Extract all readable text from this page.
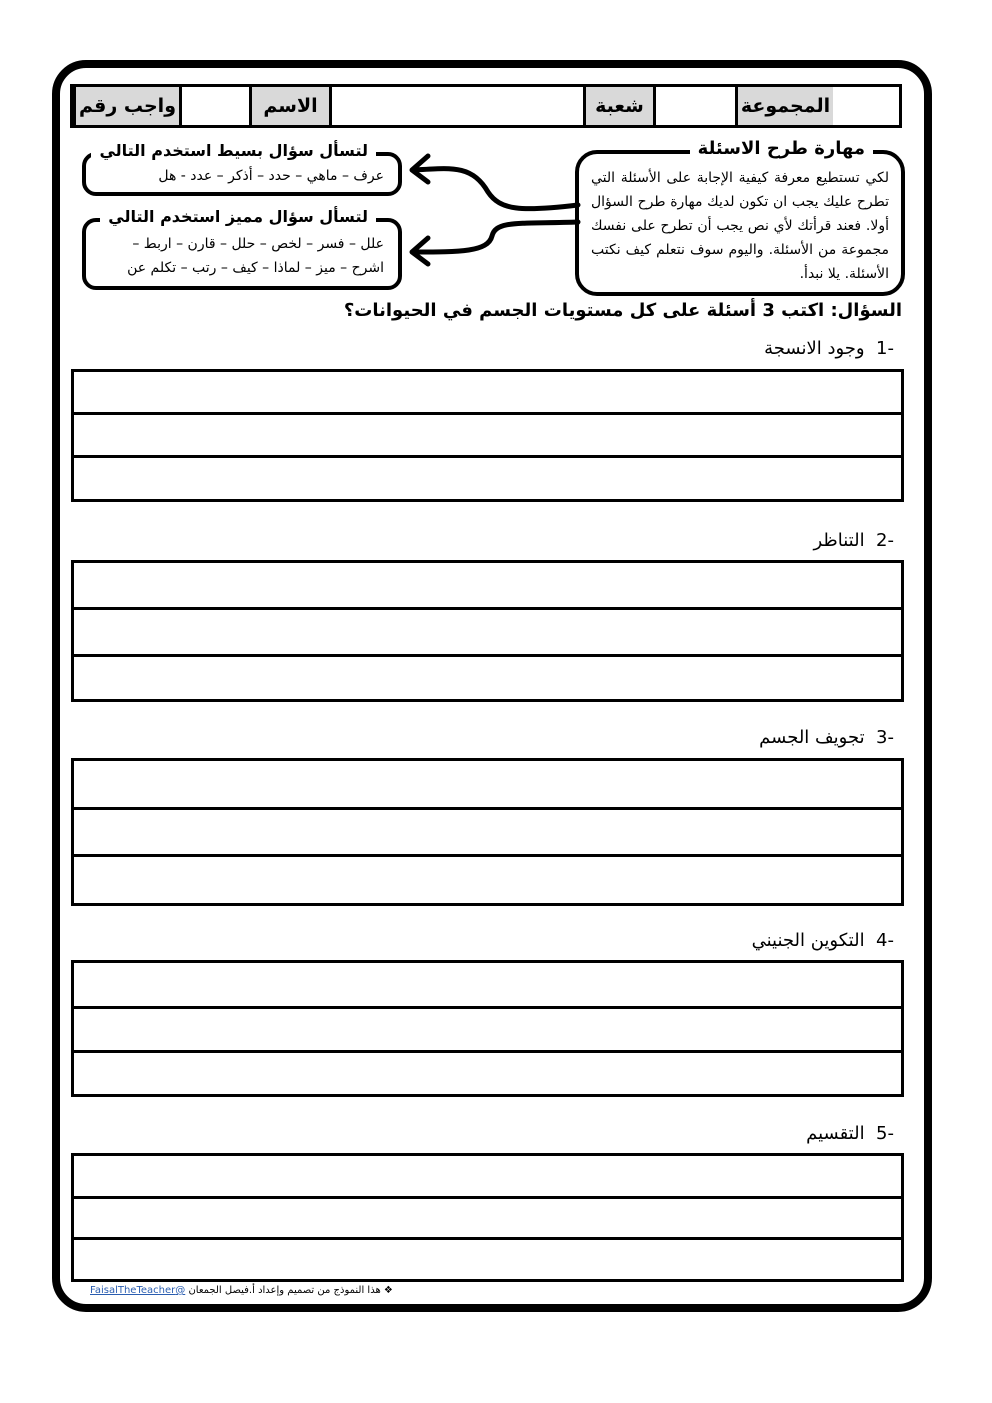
واجب رقم	الاسم	شعبة	المجموعة
مهارة طرح الاسئلة
لكي تستطيع معرفة كيفية الإجابة على الأسئلة التي تطرح عليك يجب ان تكون لديك مهارة طرح السؤال أولا. فعند قرأتك لأي نص يجب أن تطرح على نفسك مجموعة من الأسئلة. واليوم سوف نتعلم كيف نكتب الأسئلة. يلا نبدأ.
لتسأل سؤال بسيط استخدم التالي
عرف – ماهي – حدد – أذكر – عدد - هل
لتسأل سؤال مميز استخدم التالي
علل – فسر – لخص – حلل – قارن – اربط –
اشرح – ميز – لماذا – كيف – رتب – تكلم عن
السؤال: اكتب 3 أسئلة على كل مستويات الجسم في الحيوانات؟
-1  وجود الانسجة
-2  التناظر
-3  تجويف الجسم
-4  التكوين الجنيني
-5  التقسيم
❖ هذا النموذج من تصميم وإعداد أ.فيصل الجمعان @FaisalTheTeacher
